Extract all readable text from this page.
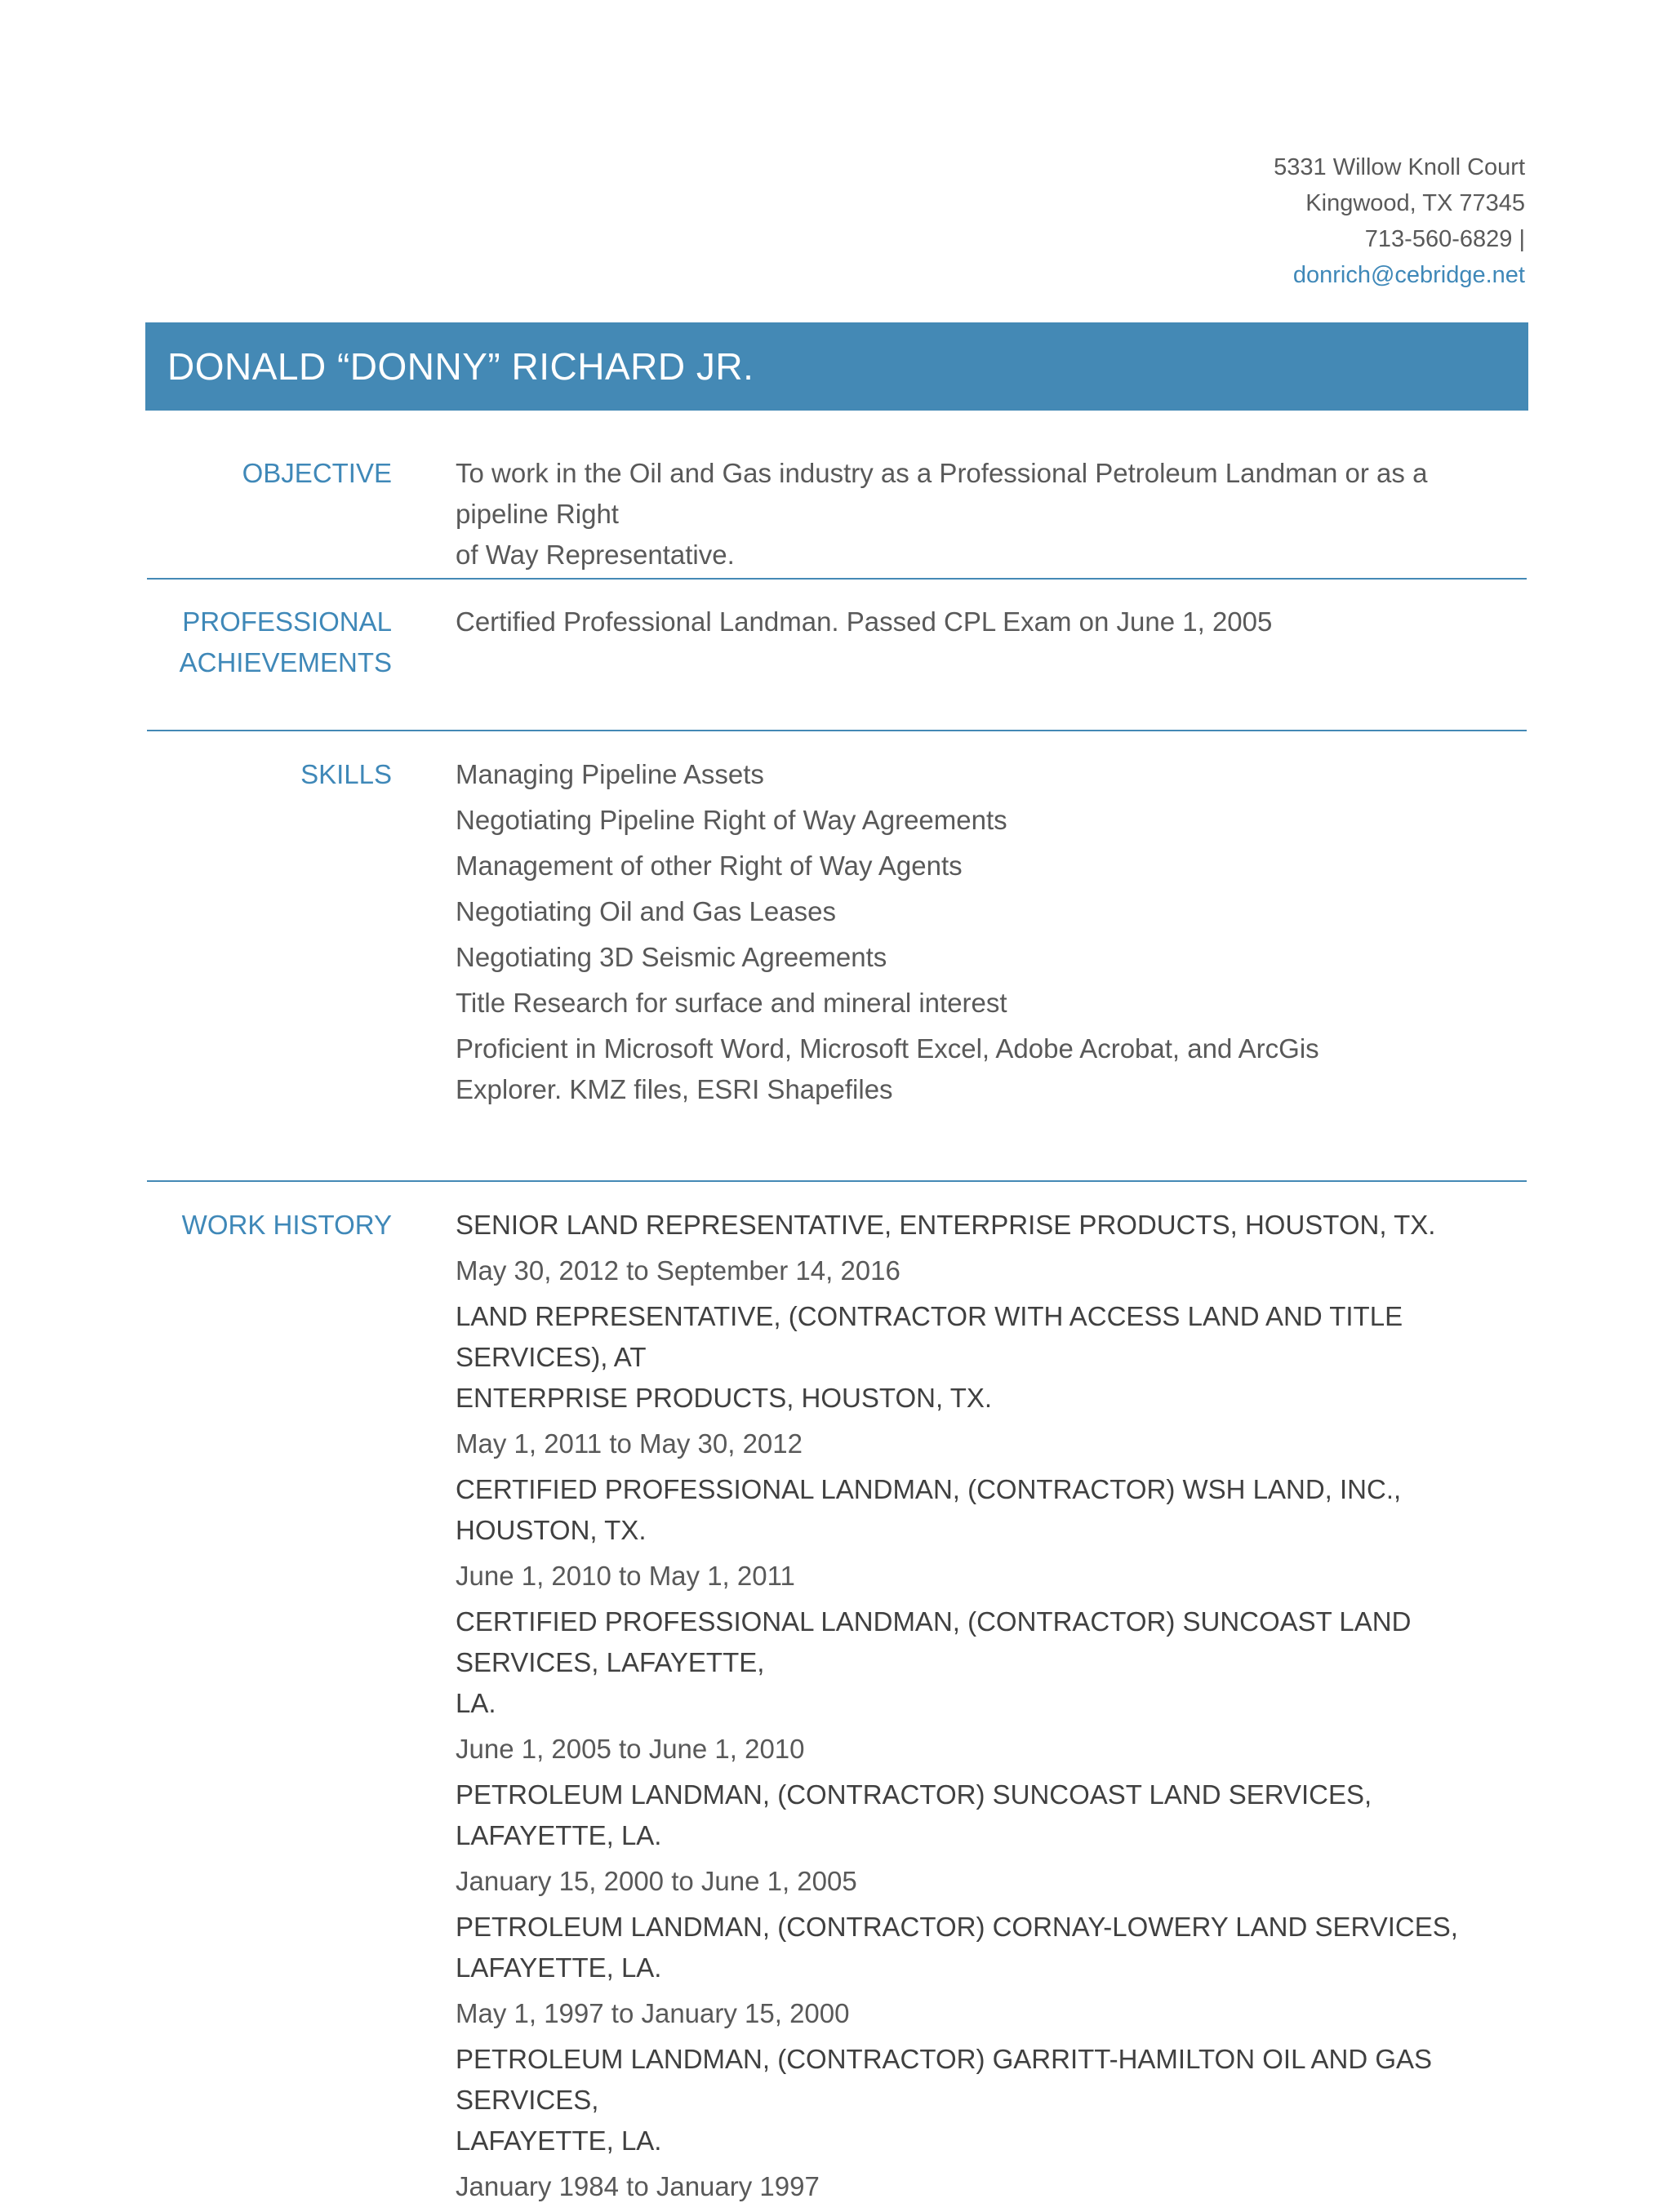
5331 Willow Knoll Court
Kingwood, TX 77345
713-560-6829 |
donrich@cebridge.net
DONALD “DONNY” RICHARD JR.
OBJECTIVE To work in the Oil and Gas industry as a Professional Petroleum Landman or as a pipeline Right
of Way Representative.
PROFESSIONAL
ACHIEVEMENTS
Certified Professional Landman. Passed CPL Exam on June 1, 2005
SKILLS Managing Pipeline Assets
Negotiating Pipeline Right of Way Agreements
Management of other Right of Way Agents
Negotiating Oil and Gas Leases
Negotiating 3D Seismic Agreements
Title Research for surface and mineral interest
Proficient in Microsoft Word, Microsoft Excel, Adobe Acrobat, and ArcGis
Explorer. KMZ files, ESRI Shapefiles
WORK HISTORY SENIOR LAND REPRESENTATIVE, ENTERPRISE PRODUCTS, HOUSTON, TX.
May 30, 2012 to September 14, 2016
LAND REPRESENTATIVE, (CONTRACTOR WITH ACCESS LAND AND TITLE SERVICES), AT
ENTERPRISE PRODUCTS, HOUSTON, TX.
May 1, 2011 to May 30, 2012
CERTIFIED PROFESSIONAL LANDMAN, (CONTRACTOR) WSH LAND, INC., HOUSTON, TX.
June 1, 2010 to May 1, 2011
CERTIFIED PROFESSIONAL LANDMAN, (CONTRACTOR) SUNCOAST LAND SERVICES, LAFAYETTE,
LA.
June 1, 2005 to June 1, 2010
PETROLEUM LANDMAN, (CONTRACTOR) SUNCOAST LAND SERVICES, LAFAYETTE, LA.
January 15, 2000 to June 1, 2005
PETROLEUM LANDMAN, (CONTRACTOR) CORNAY-LOWERY LAND SERVICES, LAFAYETTE, LA.
May 1, 1997 to January 15, 2000
PETROLEUM LANDMAN, (CONTRACTOR) GARRITT-HAMILTON OIL AND GAS SERVICES,
LAFAYETTE, LA.
January 1984 to January 1997
